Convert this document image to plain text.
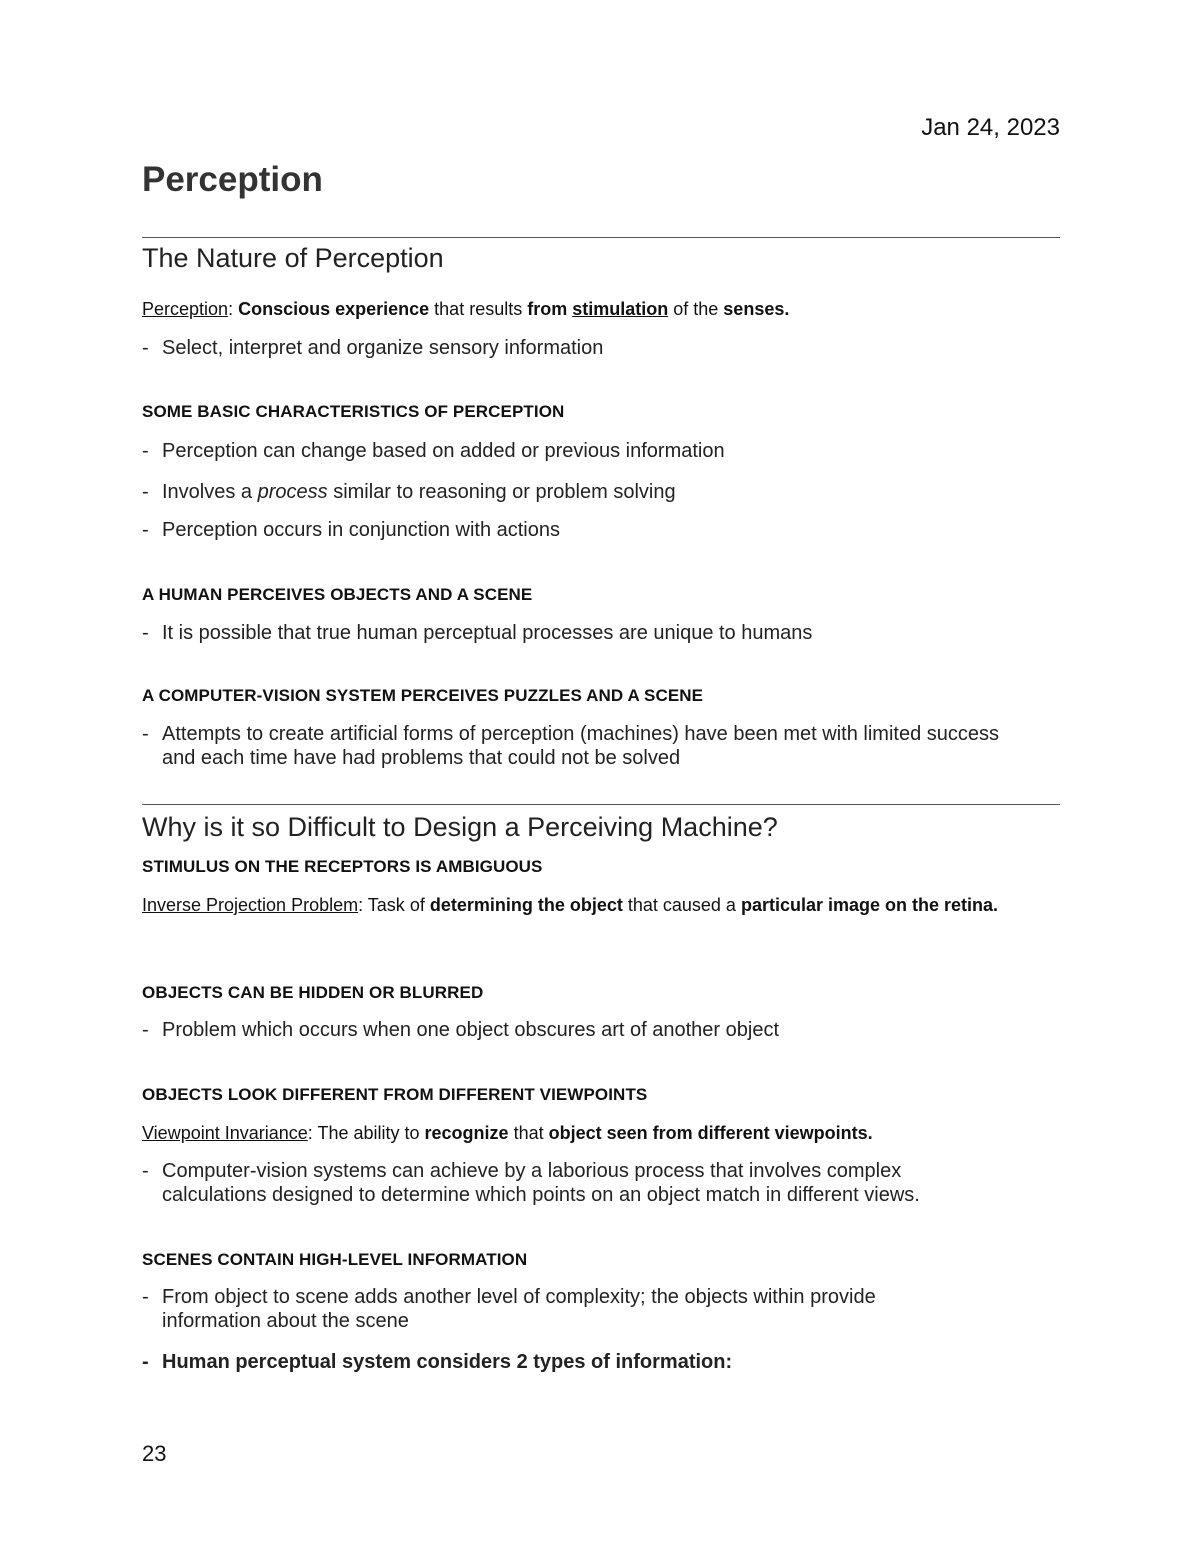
Jan 24, 2023
Perception
The Nature of Perception
Perception: Conscious experience that results from stimulation of the senses.
- Select, interpret and organize sensory information
SOME BASIC CHARACTERISTICS OF PERCEPTION
- Perception can change based on added or previous information
- Involves a process similar to reasoning or problem solving
- Perception occurs in conjunction with actions
A HUMAN PERCEIVES OBJECTS AND A SCENE
- It is possible that true human perceptual processes are unique to humans
A COMPUTER-VISION SYSTEM PERCEIVES PUZZLES AND A SCENE
- Attempts to create artificial forms of perception (machines) have been met with limited success and each time have had problems that could not be solved
Why is it so Difficult to Design a Perceiving Machine?
STIMULUS ON THE RECEPTORS IS AMBIGUOUS
Inverse Projection Problem: Task of determining the object that caused a particular image on the retina.
OBJECTS CAN BE HIDDEN OR BLURRED
- Problem which occurs when one object obscures art of another object
OBJECTS LOOK DIFFERENT FROM DIFFERENT VIEWPOINTS
Viewpoint Invariance: The ability to recognize that object seen from different viewpoints.
- Computer-vision systems can achieve by a laborious process that involves complex calculations designed to determine which points on an object match in different views.
SCENES CONTAIN HIGH-LEVEL INFORMATION
- From object to scene adds another level of complexity; the objects within provide information about the scene
- Human perceptual system considers 2 types of information:
23
